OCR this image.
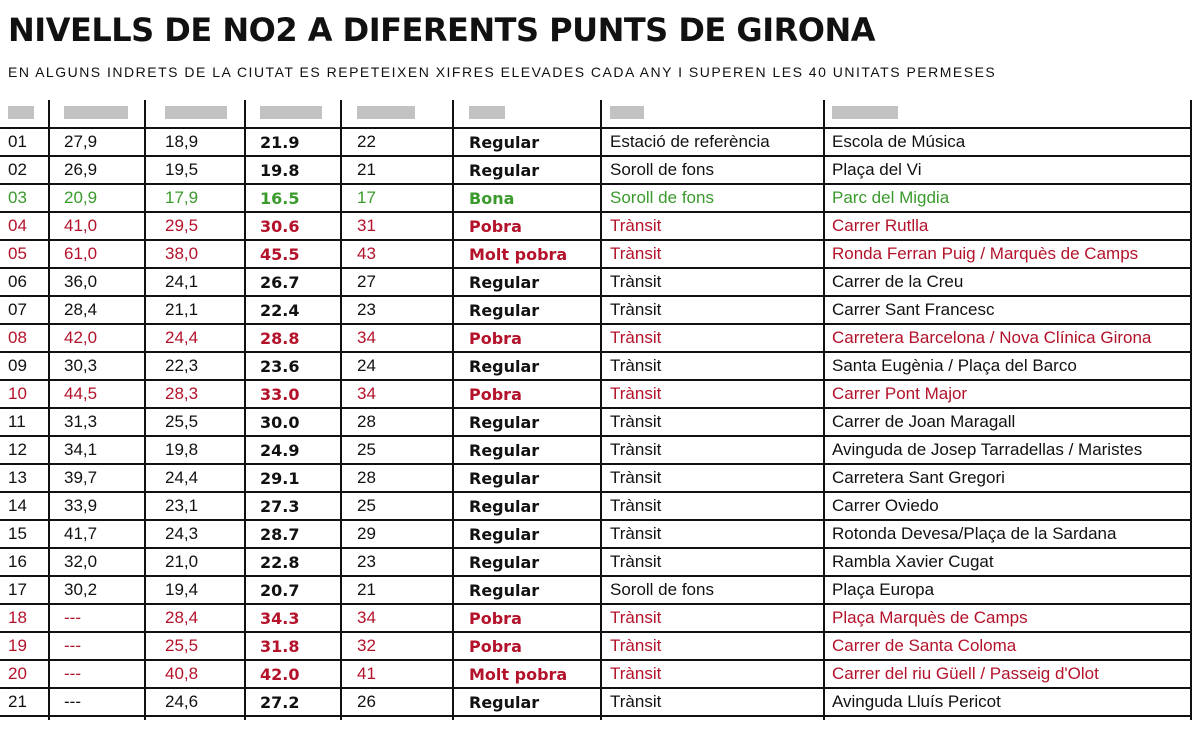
NIVELLS DE NO2 A DIFERENTS PUNTS DE GIRONA
EN ALGUNS INDRETS DE LA CIUTAT ES REPETEIXEN XIFRES ELEVADES CADA ANY I SUPEREN LES 40 UNITATS PERMESES
01	27,9	18,9	21.9	22	Regular	Estació de referència	Escola de Música
02	26,9	19,5	19.8	21	Regular	Soroll de fons	Plaça del Vi
03	20,9	17,9	16.5	17	Bona	Soroll de fons	Parc del Migdia
04	41,0	29,5	30.6	31	Pobra	Trànsit	Carrer Rutlla
05	61,0	38,0	45.5	43	Molt pobra	Trànsit	Ronda Ferran Puig / Marquès de Camps
06	36,0	24,1	26.7	27	Regular	Trànsit	Carrer de la Creu
07	28,4	21,1	22.4	23	Regular	Trànsit	Carrer Sant Francesc
08	42,0	24,4	28.8	34	Pobra	Trànsit	Carretera Barcelona / Nova Clínica Girona
09	30,3	22,3	23.6	24	Regular	Trànsit	Santa Eugènia / Plaça del Barco
10	44,5	28,3	33.0	34	Pobra	Trànsit	Carrer Pont Major
11	31,3	25,5	30.0	28	Regular	Trànsit	Carrer de Joan Maragall
12	34,1	19,8	24.9	25	Regular	Trànsit	Avinguda de Josep Tarradellas / Maristes
13	39,7	24,4	29.1	28	Regular	Trànsit	Carretera Sant Gregori
14	33,9	23,1	27.3	25	Regular	Trànsit	Carrer Oviedo
15	41,7	24,3	28.7	29	Regular	Trànsit	Rotonda Devesa/Plaça de la Sardana
16	32,0	21,0	22.8	23	Regular	Trànsit	Rambla Xavier Cugat
17	30,2	19,4	20.7	21	Regular	Soroll de fons	Plaça Europa
18	---	28,4	34.3	34	Pobra	Trànsit	Plaça Marquès de Camps
19	---	25,5	31.8	32	Pobra	Trànsit	Carrer de Santa Coloma
20	---	40,8	42.0	41	Molt pobra	Trànsit	Carrer del riu Güell / Passeig d'Olot
21	---	24,6	27.2	26	Regular	Trànsit	Avinguda Lluís Pericot
